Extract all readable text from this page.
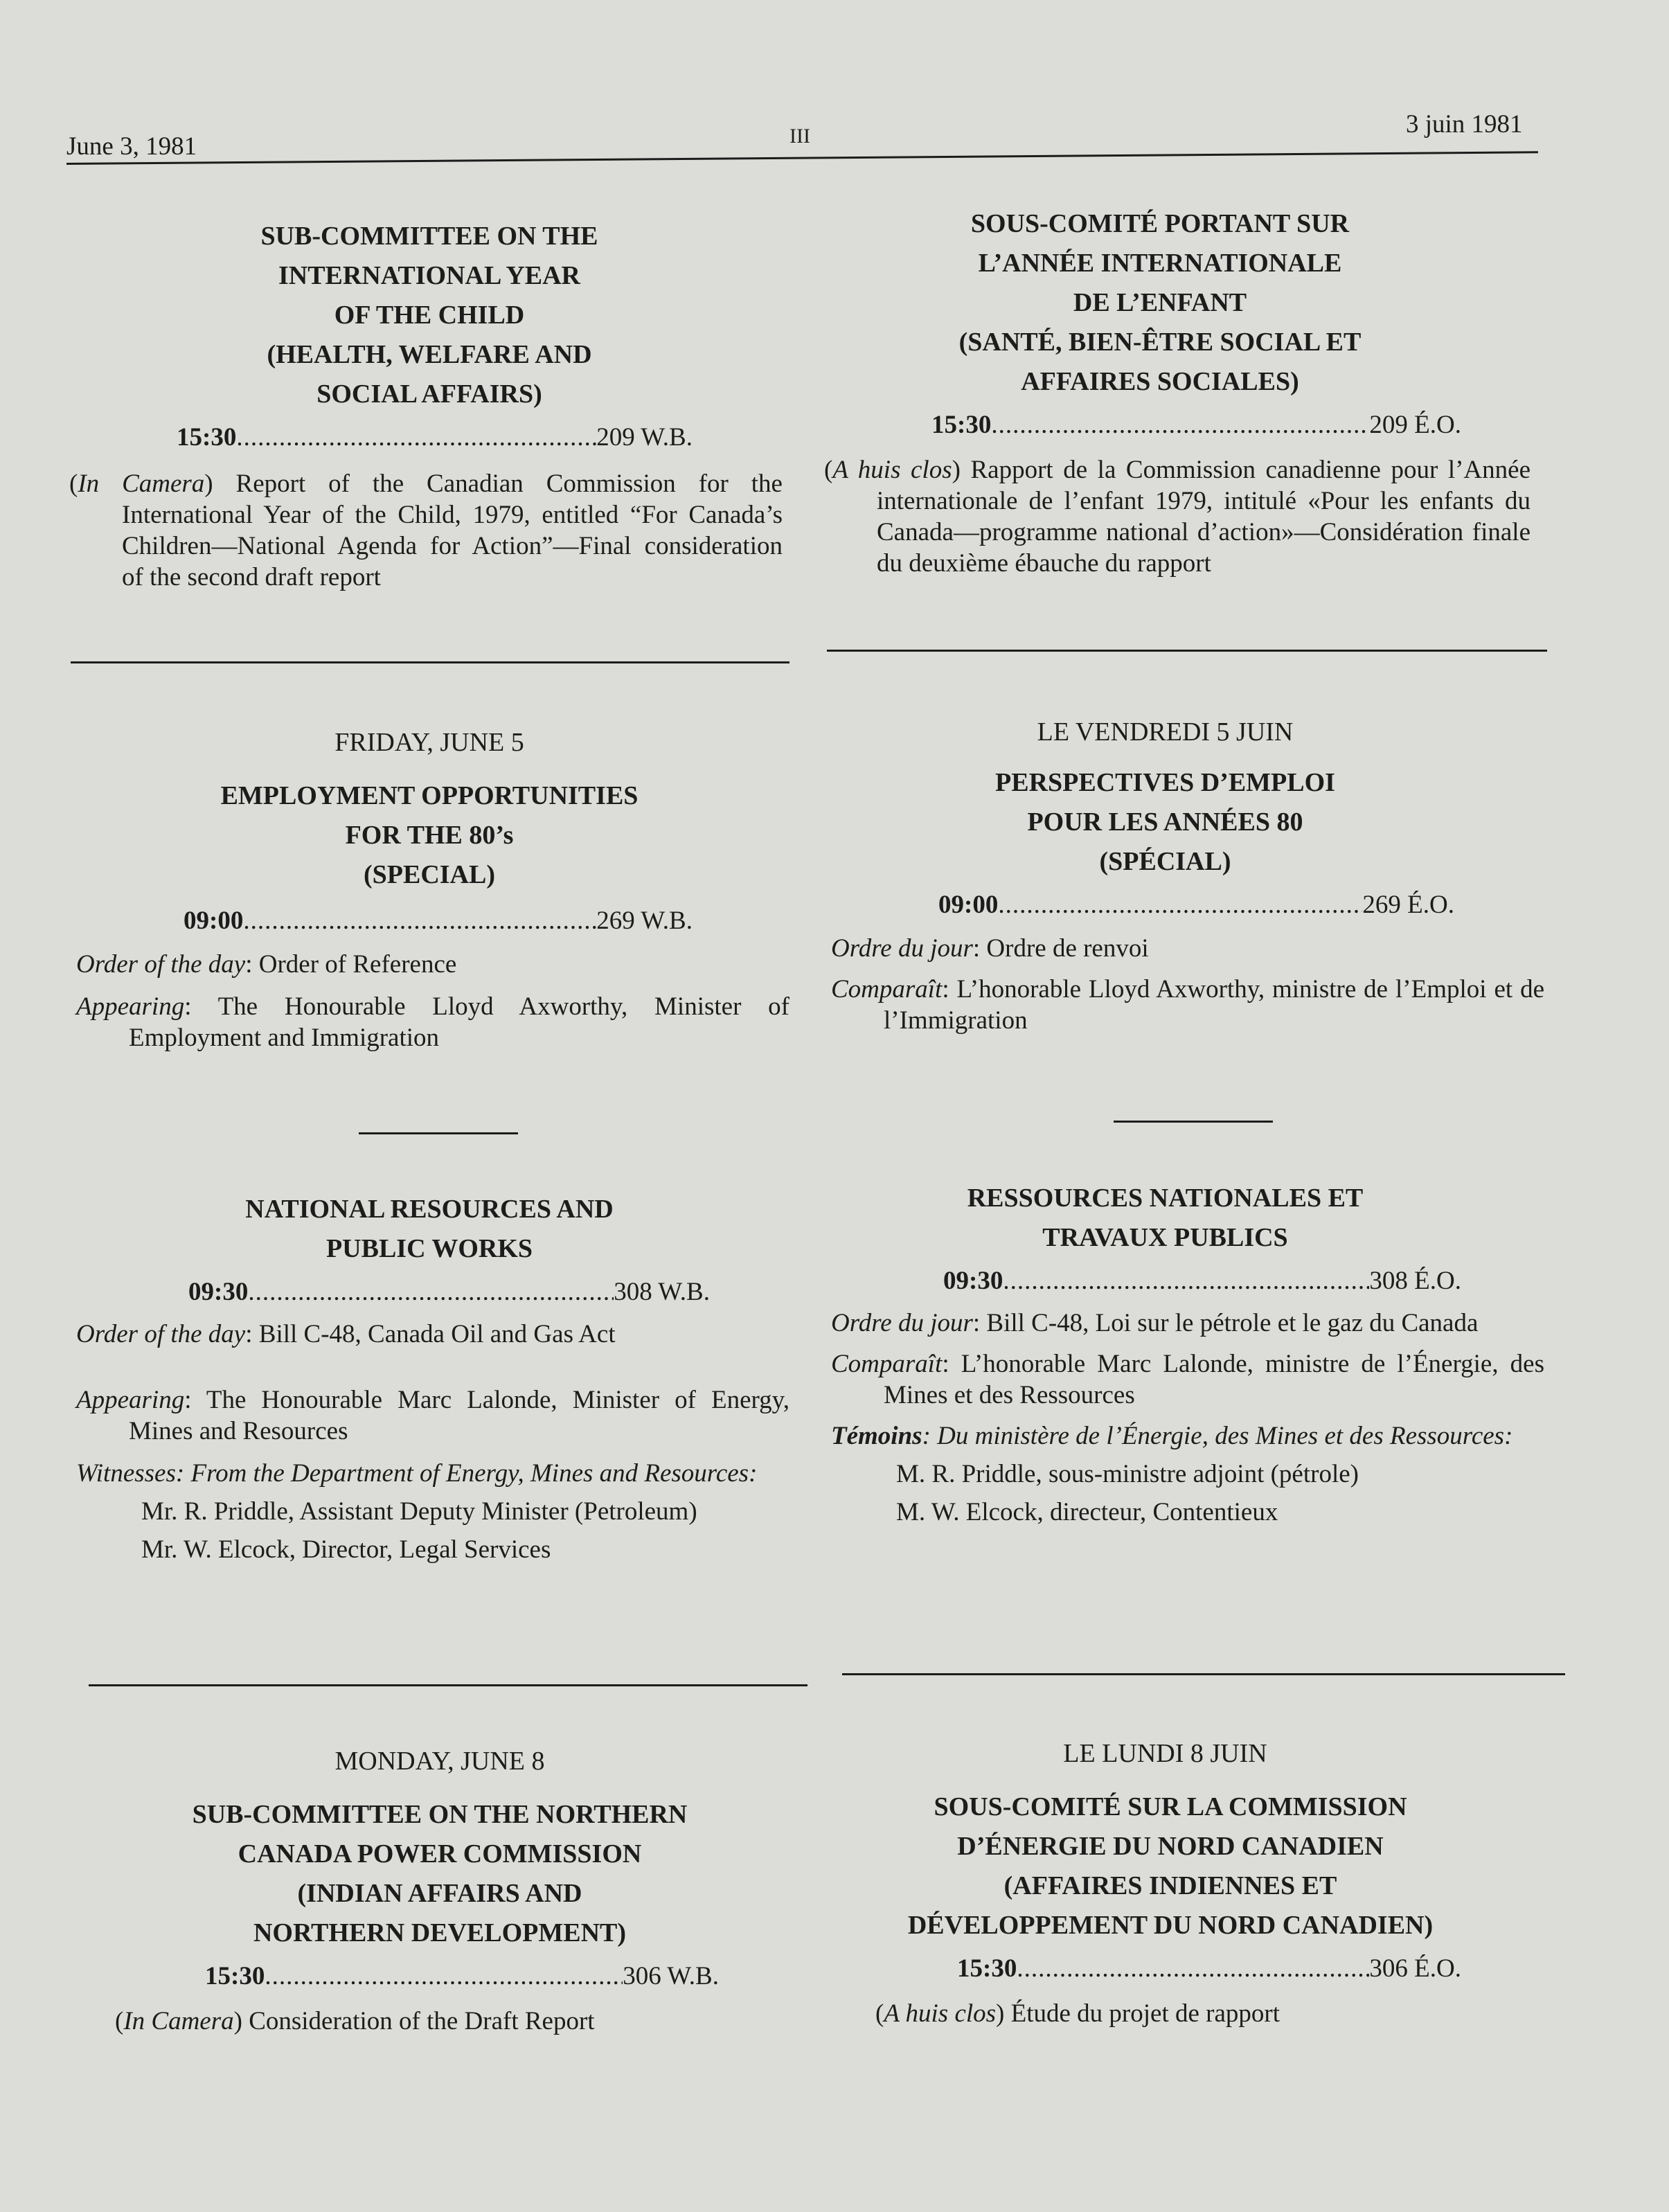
June 3, 1981	III	3 juin 1981
SUB-COMMITTEE ON THE
INTERNATIONAL YEAR
OF THE CHILD
(HEALTH, WELFARE AND
SOCIAL AFFAIRS)
15:30 .....	209 W.B.
(In Camera) Report of the Canadian Commission for the International Year of the Child, 1979, entitled “For Canada’s Children—National Agenda for Action”—Final consideration of the second draft report
FRIDAY, JUNE 5
EMPLOYMENT OPPORTUNITIES
FOR THE 80’s
(SPECIAL)
09:00 .....	269 W.B.
Order of the day: Order of Reference
Appearing: The Honourable Lloyd Axworthy, Minister of Employment and Immigration
NATIONAL RESOURCES AND
PUBLIC WORKS
09:30 .....	308 W.B.
Order of the day: Bill C-48, Canada Oil and Gas Act
Appearing: The Honourable Marc Lalonde, Minister of Energy, Mines and Resources
Witnesses: From the Department of Energy, Mines and Resources:
Mr. R. Priddle, Assistant Deputy Minister (Petroleum)
Mr. W. Elcock, Director, Legal Services
MONDAY, JUNE 8
SUB-COMMITTEE ON THE NORTHERN
CANADA POWER COMMISSION
(INDIAN AFFAIRS AND
NORTHERN DEVELOPMENT)
15:30 .....	306 W.B.
(In Camera) Consideration of the Draft Report
SOUS-COMITÉ PORTANT SUR
L’ANNÉE INTERNATIONALE
DE L’ENFANT
(SANTÉ, BIEN-ÊTRE SOCIAL ET
AFFAIRES SOCIALES)
15:30 .....	209 É.O.
(A huis clos) Rapport de la Commission canadienne pour l’Année internationale de l’enfant 1979, intitulé «Pour les enfants du Canada—programme national d’action»—Considération finale du deuxième ébauche du rapport
LE VENDREDI 5 JUIN
PERSPECTIVES D’EMPLOI
POUR LES ANNÉES 80
(SPÉCIAL)
09:00 .....	269 É.O.
Ordre du jour: Ordre de renvoi
Comparaît: L’honorable Lloyd Axworthy, ministre de l’Emploi et de l’Immigration
RESSOURCES NATIONALES ET
TRAVAUX PUBLICS
09:30 .....	308 É.O.
Ordre du jour: Bill C-48, Loi sur le pétrole et le gaz du Canada
Comparaît: L’honorable Marc Lalonde, ministre de l’Énergie, des Mines et des Ressources
Témoins: Du ministère de l’Énergie, des Mines et des Ressources:
M. R. Priddle, sous-ministre adjoint (pétrole)
M. W. Elcock, directeur, Contentieux
LE LUNDI 8 JUIN
SOUS-COMITÉ SUR LA COMMISSION
D’ÉNERGIE DU NORD CANADIEN
(AFFAIRES INDIENNES ET
DÉVELOPPEMENT DU NORD CANADIEN)
15:30 .....	306 É.O.
(A huis clos) Étude du projet de rapport
